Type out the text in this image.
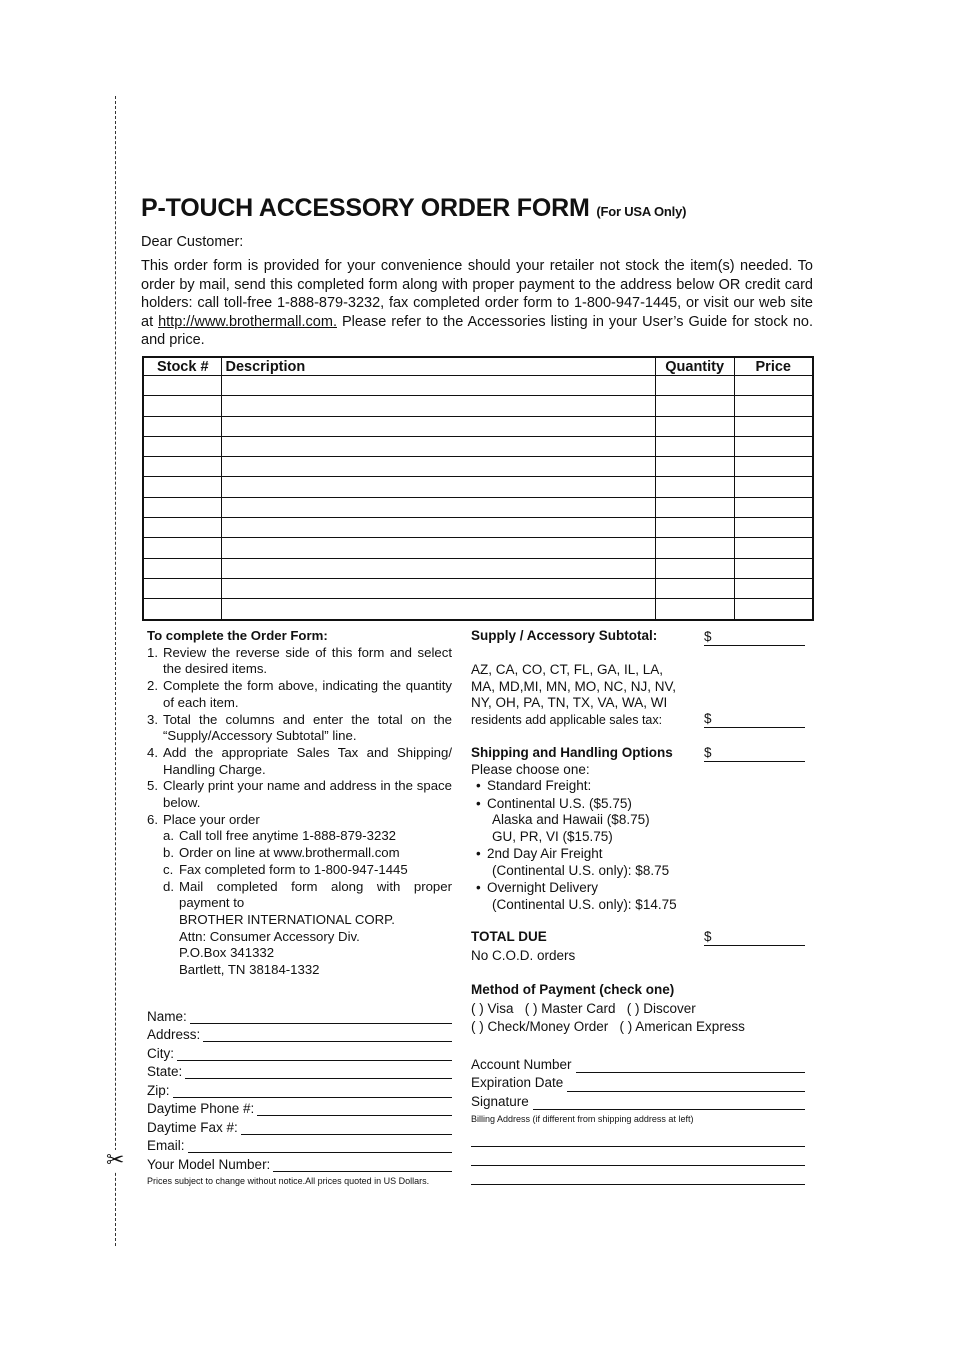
✂
P-TOUCH ACCESSORY ORDER FORM (For USA Only)
Dear Customer:
This order form is provided for your convenience should your retailer not stock the item(s) needed. To order by mail, send this completed form along with proper payment to the address below OR credit card holders: call toll-free 1-888-879-3232, fax completed order form to 1-800-947-1445, or visit our web site at http://www.brothermall.com. Please refer to the Accessories listing in your User’s Guide for stock no. and price.
Stock #	Description	Quantity	Price

To complete the Order Form:
1. Review the reverse side of this form and select the desired items.
2. Complete the form above, indicating the quantity of each item.
3. Total the columns and enter the total on the “Supply/Accessory Subtotal” line.
4. Add the appropriate Sales Tax and Shipping/ Handling Charge.
5. Clearly print your name and address in the space below.
6. Place your order
a. Call toll free anytime 1-888-879-3232
b. Order on line at www.brothermall.com
c. Fax completed form to 1-800-947-1445
d. Mail completed form along with proper payment to
BROTHER INTERNATIONAL CORP.
Attn: Consumer Accessory Div.
P.O.Box 341332
Bartlett, TN 38184-1332
Name:
Address:
City:
State:
Zip:
Daytime Phone #:
Daytime Fax #:
Email:
Your Model Number:
Prices subject to change without notice.All prices quoted in US Dollars.
Supply / Accessory Subtotal:	$
AZ, CA, CO, CT, FL, GA, IL, LA,
MA, MD,MI, MN, MO, NC, NJ, NV,
NY, OH, PA, TN, TX, VA, WA, WI
residents add applicable sales tax:	$
Shipping and Handling Options	$
Please choose one:
• Standard Freight:
• Continental U.S. ($5.75)
Alaska and Hawaii ($8.75)
GU, PR, VI ($15.75)
• 2nd Day Air Freight
(Continental U.S. only): $8.75
• Overnight Delivery
(Continental U.S. only): $14.75
TOTAL DUE	$
No C.O.D. orders
Method of Payment (check one)
( ) Visa   ( ) Master Card   ( ) Discover
( ) Check/Money Order   ( ) American Express
Account Number
Expiration Date
Signature
Billing Address (if different from shipping address at left)
